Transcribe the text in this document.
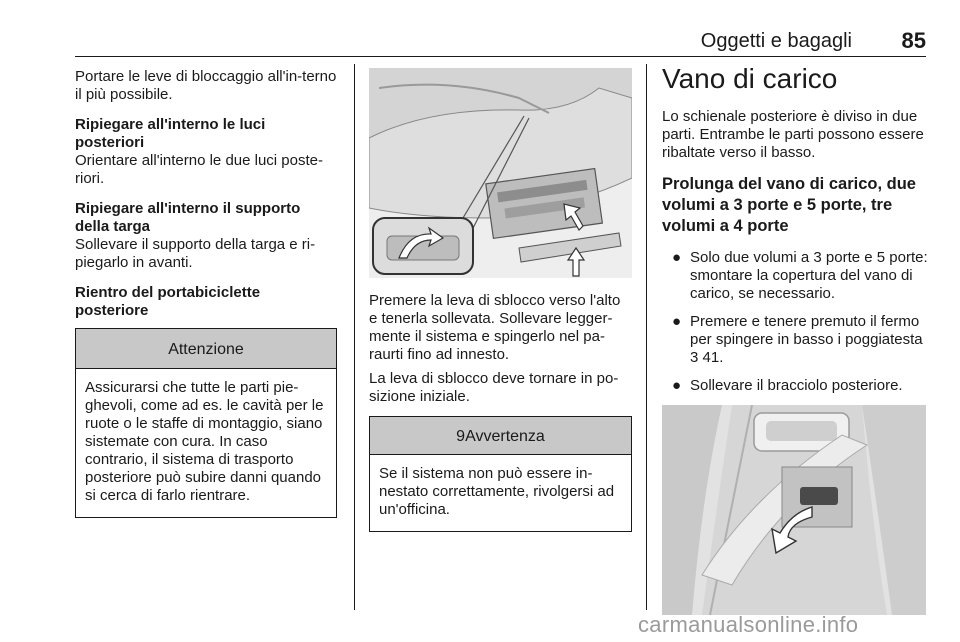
Oggetti e bagagli 85

Portare le leve di bloccaggio all'in-terno il più possibile.

Ripiegare all'interno le luci posteriori

Orientare all'interno le due luci poste-riori.

Ripiegare all'interno il supporto della targa

Sollevare il supporto della targa e ri-piegarlo in avanti.

Rientro del portabiciclette posteriore
Attenzione
Assicurarsi che tutte le parti pie-ghevoli, come ad es. le cavità per le ruote o le staffe di montaggio, siano sistemate con cura. In caso contrario, il sistema di trasporto posteriore può subire danni quando si cerca di farlo rientrare.

Premere la leva di sblocco verso l'alto e tenerla sollevata. Sollevare legger-mente il sistema e spingerlo nel pa-raurti fino ad innesto.

La leva di sblocco deve tornare in po-sizione iniziale.

9Avvertenza
Se il sistema non può essere in-nestato correttamente, rivolgersi ad un'officina.
Vano di carico

Lo schienale posteriore è diviso in due parti. Entrambe le parti possono essere ribaltate verso il basso.

Prolunga del vano di carico, due volumi a 3 porte e 5 porte, tre volumi a 4 porte
● Solo due volumi a 3 porte e 5 porte: smontare la copertura del vano di carico, se necessario.
● Premere e tenere premuto il fermo per spingere in basso i poggiatesta 3 41.
● Sollevare il bracciolo posteriore.
carmanualsonline.info
